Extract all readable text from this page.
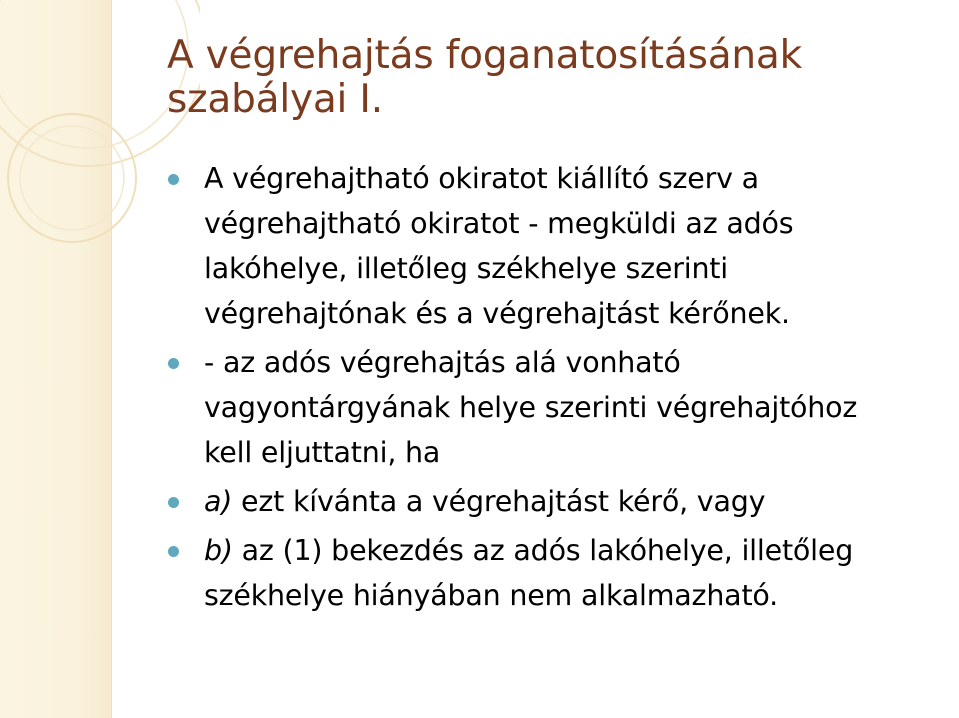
A végrehajtás foganatosításának
szabályai I.
A végrehajtható okiratot kiállító szerv a
végrehajtható okiratot - megküldi az adós
lakóhelye, illetőleg székhelye szerinti
végrehajtónak és a végrehajtást kérőnek.
- az adós végrehajtás alá vonható
vagyontárgyának helye szerinti végrehajtóhoz
kell eljuttatni, ha
a) ezt kívánta a végrehajtást kérő, vagy
b) az (1) bekezdés az adós lakóhelye, illetőleg
székhelye hiányában nem alkalmazható.
